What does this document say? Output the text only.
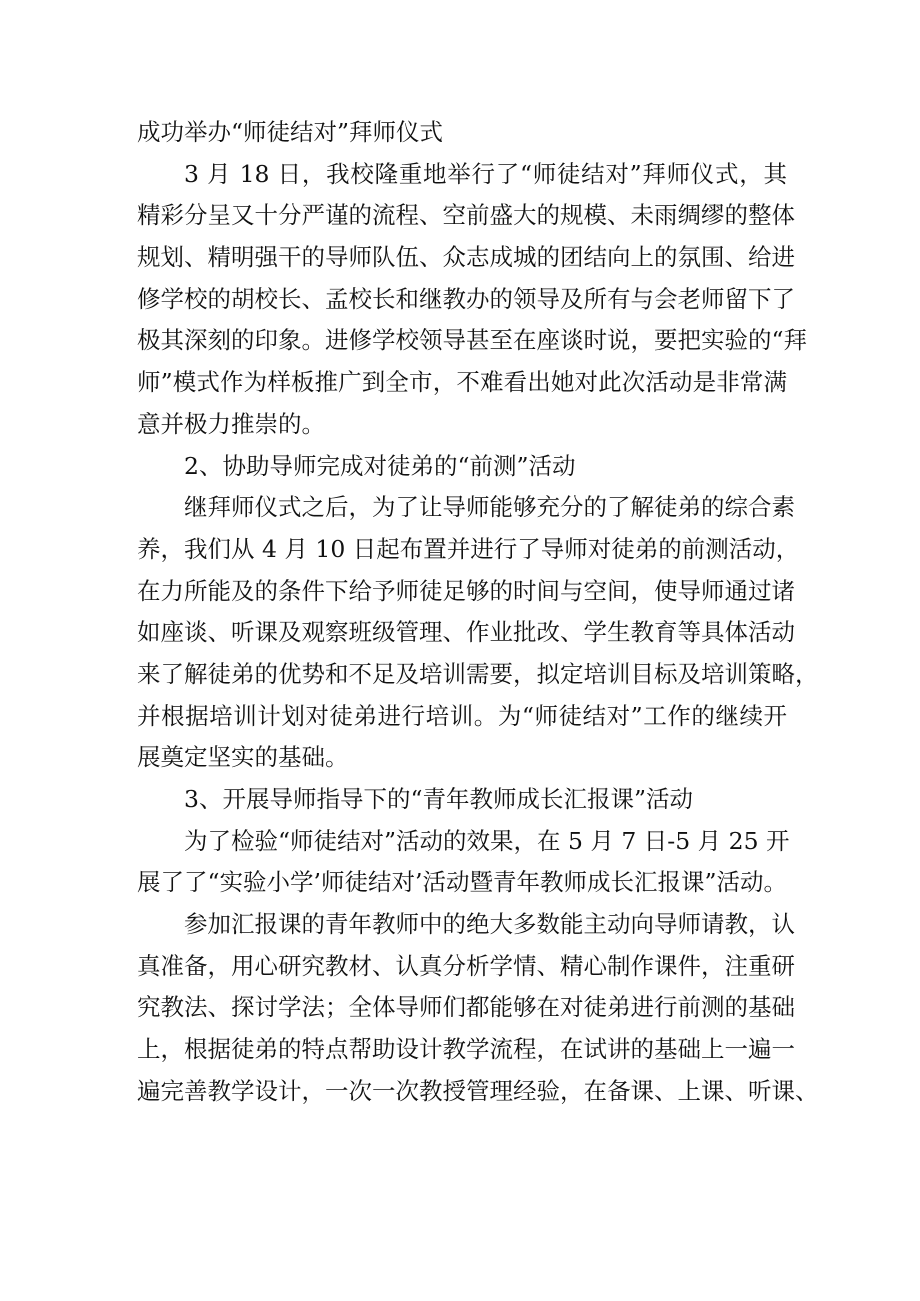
成功举办“师徒结对”拜师仪式
3 月 18 日，我校隆重地举行了“师徒结对”拜师仪式，其
精彩分呈又十分严谨的流程、空前盛大的规模、未雨绸缪的整体
规划、精明强干的导师队伍、众志成城的团结向上的氛围、给进
修学校的胡校长、孟校长和继教办的领导及所有与会老师留下了
极其深刻的印象。进修学校领导甚至在座谈时说，要把实验的“拜
师”模式作为样板推广到全市，不难看出她对此次活动是非常满
意并极力推崇的。
2、协助导师完成对徒弟的“前测”活动
继拜师仪式之后，为了让导师能够充分的了解徒弟的综合素
养，我们从 4 月 10 日起布置并进行了导师对徒弟的前测活动，
在力所能及的条件下给予师徒足够的时间与空间，使导师通过诸
如座谈、听课及观察班级管理、作业批改、学生教育等具体活动
来了解徒弟的优势和不足及培训需要，拟定培训目标及培训策略，
并根据培训计划对徒弟进行培训。为“师徒结对”工作的继续开
展奠定坚实的基础。
3、开展导师指导下的“青年教师成长汇报课”活动
为了检验“师徒结对”活动的效果，在 5 月 7 日-5 月 25 开
展了了“实验小学’师徒结对’活动暨青年教师成长汇报课”活动。
参加汇报课的青年教师中的绝大多数能主动向导师请教，认
真准备，用心研究教材、认真分析学情、精心制作课件，注重研
究教法、探讨学法；全体导师们都能够在对徒弟进行前测的基础
上，根据徒弟的特点帮助设计教学流程，在试讲的基础上一遍一
遍完善教学设计，一次一次教授管理经验，在备课、上课、听课、
